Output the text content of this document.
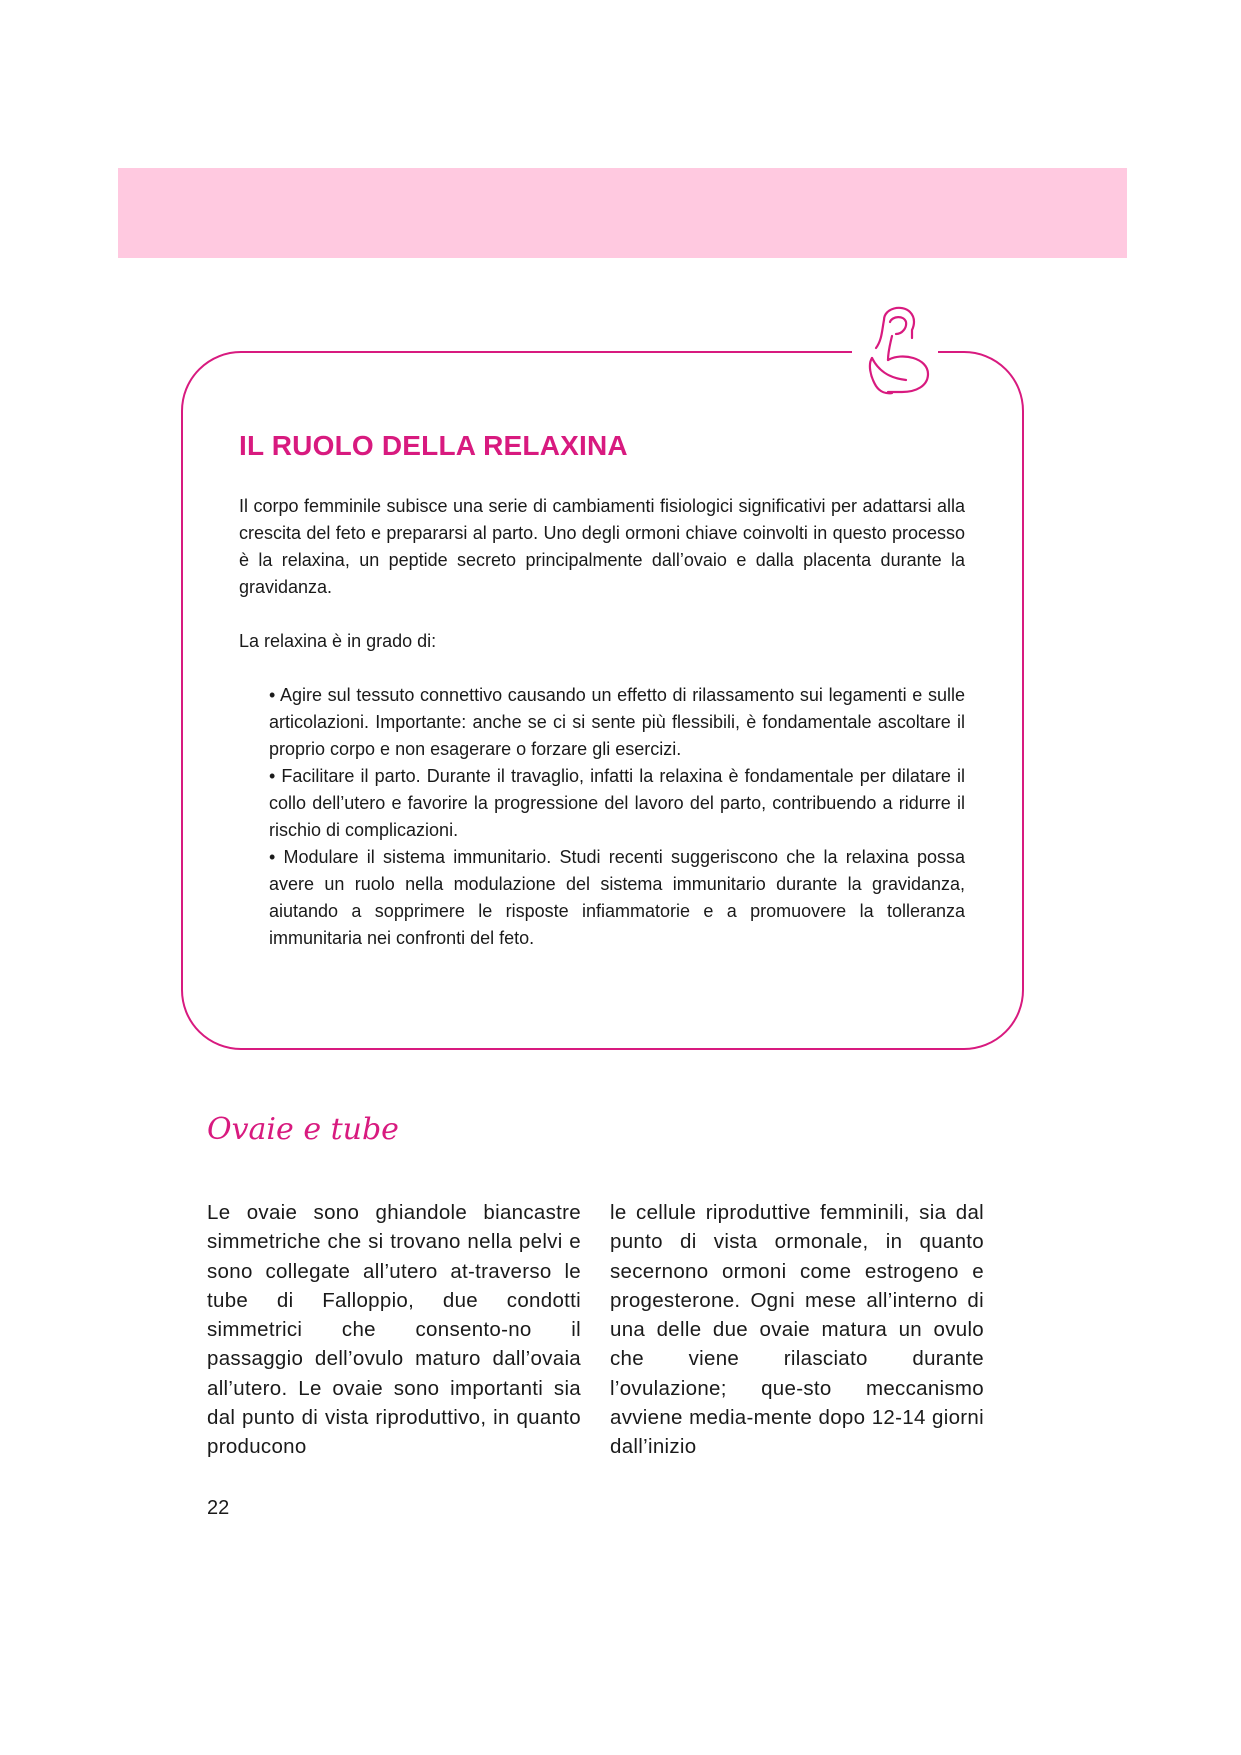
IL RUOLO DELLA RELAXINA

Il corpo femminile subisce una serie di cambiamenti fisiologici significativi per adattarsi alla crescita del feto e prepararsi al parto. Uno degli ormoni chiave coinvolti in questo processo è la relaxina, un peptide secreto principalmente dall’ovaio e dalla placenta durante la gravidanza.

La relaxina è in grado di:

• Agire sul tessuto connettivo causando un effetto di rilassamento sui legamenti e sulle articolazioni. Importante: anche se ci si sente più flessibili, è fondamentale ascoltare il proprio corpo e non esagerare o forzare gli esercizi.

• Facilitare il parto. Durante il travaglio, infatti la relaxina è fondamentale per dilatare il collo dell’utero e favorire la progressione del lavoro del parto, contribuendo a ridurre il rischio di complicazioni.

• Modulare il sistema immunitario. Studi recenti suggeriscono che la relaxina possa avere un ruolo nella modulazione del sistema immunitario durante la gravidanza, aiutando a sopprimere le risposte infiammatorie e a promuovere la tolleranza immunitaria nei confronti del feto.

Ovaie e tube

Le ovaie sono ghiandole biancastre simmetriche che si trovano nella pelvi e sono collegate all’utero at-traverso le tube di Falloppio, due condotti simmetrici che consento-no il passaggio dell’ovulo maturo dall’ovaia all’utero. Le ovaie sono importanti sia dal punto di vista riproduttivo, in quanto producono

le cellule riproduttive femminili, sia dal punto di vista ormonale, in quanto secernono ormoni come estrogeno e progesterone. Ogni mese all’interno di una delle due ovaie matura un ovulo che viene rilasciato durante l’ovulazione; que-sto meccanismo avviene media-mente dopo 12-14 giorni dall’inizio

22
